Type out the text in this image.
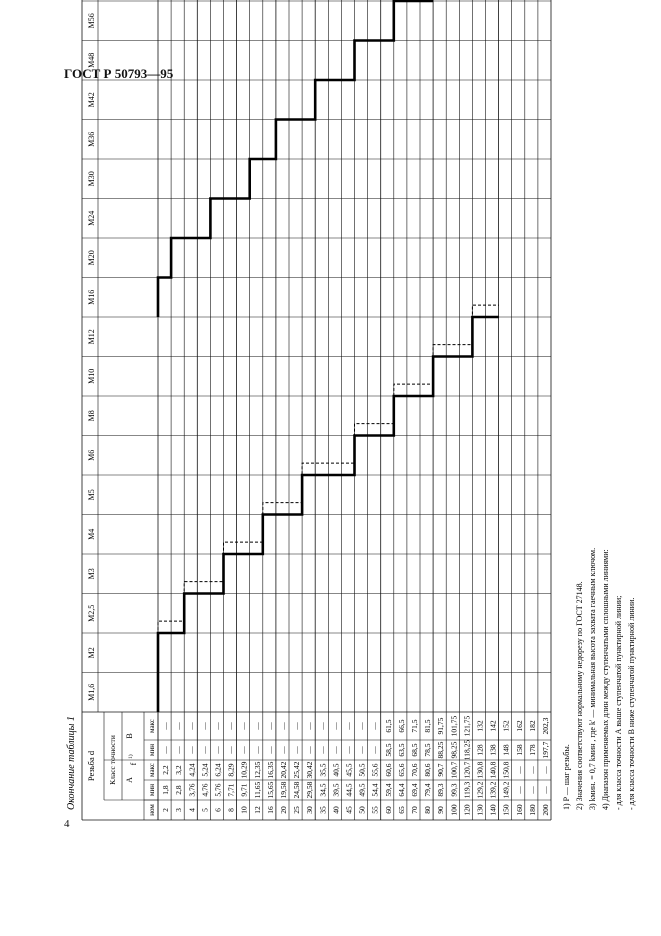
ГОСТ Р 50793—95
4
Окончание таблицы 1 Резьба d Класс точности А
В
f
1)
ном
мин
макс
мин
макс
М1,6
М2
М2,5
М3
М4
М5
М6
М8
М10
М12
М16
М20
М24
М30
М36
М42
М48
М56
2
1,8
2,2
—
—
3
2,8
3,2
—
—
4
3,76
4,24
—
—
5
4,76
5,24
—
—
6
5,76
6,24
—
—
8
7,71
8,29
—
—
10
9,71
10,29
—
—
12
11,65
12,35
—
—
16
15,65
16,35
—
—
20
19,58
20,42
—
—
25
24,58
25,42
—
—
30
29,58
30,42
—
—
35
34,5
35,5
—
—
40
39,5
40,5
—
—
45
44,5
45,5
—
—
50
49,5
50,5
—
—
55
54,4
55,6
—
—
60
59,4
60,6
58,5
61,5
65
64,4
65,6
63,5
66,5
70
69,4
70,6
68,5
71,5
80
79,4
80,6
78,5
81,5
90
89,3
90,7
88,25
91,75
100
99,3
100,7
98,25
101,75
120
119,3
120,7
118,25
121,75
130
129,2
130,8
128
132
140
139,2
140,8
138
142
150
149,2
150,8
148
152
160
—
—
158
162
180
—
—
178
182
200
—
—
197,7
202,3
1) P — шаг резьбы. 2) Значения соответствуют нормальному недорезу по ГОСТ 27148. 3) kмин. = 0,7 kмин , где k' — минимальная высота захвата гаечным ключом. 4) Диапазон применяемых длин между ступенчатыми сплошными линиями: - для класса точности А выше ступенчатой пунктирной линии; - для класса точности В ниже ступенчатой пунктирной линии.
